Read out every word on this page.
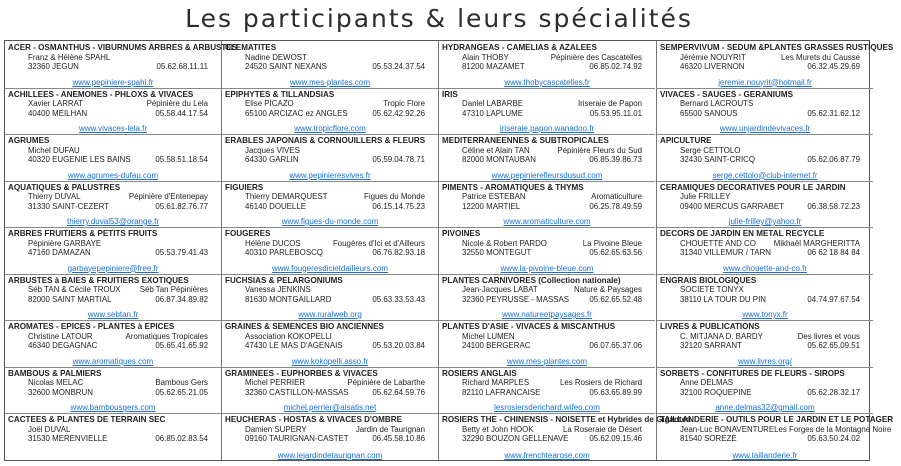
Les participants & leurs spécialités
ACER - OSMANTHUS - VIBURNUMS ARBRES & ARBUSTES
Franz & Hélène SPAHL
32360 JEGUN	05.62.68.11.11
www.pepiniere-spahl.fr
ACHILLEES - ANEMONES - PHLOXS & VIVACES
Xavier LARRAT	Pépinière du Lela
40400 MEILHAN	05.58.44.17.54
www.vivaces-lela.fr
AGRUMES
Michel DUFAU
40320 EUGENIE LES BAINS	05.58.51.18.54
www.agrumes-dufau.com
AQUATIQUES & PALUSTRES
Thierry DUVAL	Pépinière d'Entenepay
31330 SAINT-CEZERT	05.61.82.76.77
thierry.duval53@orange.fr
ARBRES FRUITIERS & PETITS FRUITS
Pépinière GARBAYE
47160 DAMAZAN	05.53.79.41.43
garbayepepiniere@free.fr
ARBUSTES à BAIES & FRUITIERS EXOTIQUES
Séb TAN & Cécile TROUX Séb Tan Pépinières
82000 SAINT MARTIAL	06.87.34.89.82
www.sebtan.fr
AROMATES - EPICES - PLANTES à EPICES
Christine LATOUR	Aromatiques Tropicales
46340 DEGAGNAC	05.65.41.65.92
www.aromatiques.com
BAMBOUS & PALMIERS
Nicolas MELAC	Bambous Gers
32600 MONBRUN	05.62.65.21.05
www.bambousgers.com
CACTEES & PLANTES DE TERRAIN SEC
Joël DUVAL
31530 MERENVIELLE	06.85.02.83.54
CLEMATITES
Nadine DEWOST
24520 SAINT NEXANS	05.53.24.37.54
www.mes-plantes.com
EPIPHYTES & TILLANDSIAS
Elise PICAZO	Tropic Flore
65100 ARCIZAC ez ANGLES	05.62.42.92.26
www.tropicflore.com
ERABLES JAPONAIS & CORNOUILLERS & FLEURS
Jacques VIVES
64330 GARLIN	05.59.04.78.71
www.pepinieresvives.fr
FIGUIERS
Thierry DEMARQUEST	Figues du Monde
46140 DOUELLE	06.15.14.75.23
www.figues-du-monde.com
FOUGERES
Hélène DUCOS	Fougères d'Ici et d'Ailleurs
40310 PARLEBOSCQ	06.76.82.93.18
www.fougeresdicietdailleurs.com
FUCHSIAS & PELARGONIUMS
Vanessa JENKINS
81630 MONTGAILLARD	05.63.33.53.43
www.ruralweb.org
GRAINES & SEMENCES BIO ANCIENNES
Association KOKOPELLI
47430 LE MAS D'AGENAIS	05.53.20.03.84
www.kokopelli.asso.fr
GRAMINEES - EUPHORBES & VIVACES
Michel PERRIER	Pépinière de Labarthe
32360 CASTILLON-MASSAS	05.62.64.59.76
michel.perrier@alsatis.net
HEUCHERAS - HOSTAS & VIVACES D'OMBRE
Damien SUPERY	Jardin de Taurignan
09160 TAURIGNAN-CASTET	06.45.58.10.86
www.lejardindetaurignan.com
HYDRANGEAS - CAMELIAS & AZALEES
Alain THOBY	Pépinière des Cascatelles
81200 MAZAMET	06.85.02.74.92
www.thobycascatelles.fr
IRIS
Daniel LABARBE	Iriseraie de Papon
47310 LAPLUME	05.53.95.11.01
iriseraie.papon.wanadoo.fr
MEDITERRANEENNES & SUBTROPICALES
Céline et Alain TAN	Pépinière Fleurs du Sud
82000 MONTAUBAN	06.85.39.86.73
www.pepinierefleursdusud.com
PIMENTS - AROMATIQUES & THYMS
Patrice ESTEBAN	Aromaticulture
12200 MARTIEL	06.25.78.49.59
www.aromaticulture.com
PIVOINES
Nicole & Robert PARDO	La Pivoine Bleue
32550 MONTEGUT	05.62.65.63.56
www.la-pivoine-bleue.com
PLANTES CARNIVORES (Collection nationale)
Jean-Jacques LABAT	Nature & Paysages
32360 PEYRUSSE - MASSAS	05.62.65.52.48
www.natureetpaysages.fr
PLANTES D'ASIE - VIVACES & MISCANTHUS
Michel LUMEN
24100 BERGERAC	06.07.65.37.06
www.mes-plantes.com
ROSIERS ANGLAIS
Richard MARPLES	Les Rosiers de Richard
82110 LAFRANCAISE	05.63.65.89.99
lesrosiersderichard.wifeo.com
ROSIERS THE - CHINENSIS - NOISETTE et Hybrides de Gigantea
Betty et John HOOK	La Roseraie de Désert
32290 BOUZON GELLENAVE	05.62.09.15.46
www.frenchtearose.com
SEMPERVIVUM - SEDUM &PLANTES GRASSES RUSTIQUES
Jérémie NOUYRIT	Les Murets du Causse
46320 LIVERNON	06.32.45.29.69
jeremie.nouyrit@hotmail.fr
VIVACES - SAUGES - GERANIUMS
Bernard LACROUTS
65500 SANOUS	05.62.31.62.12
www.unjardindevivaces.fr
APICULTURE
Serge CETTOLO
32430 SAINT-CRICQ	05.62.06.87.79
serge.cettolo@club-internet.fr
CERAMIQUES DECORATIVES POUR LE JARDIN
Julie FRILLEY
09400 MERCUS GARRABET	06.38.58.72.23
julie-frilley@yahoo.fr
DECORS DE JARDIN EN METAL RECYCLE
CHOUETTE AND CO Mikhaël MARGHERITTA
31340 VILLEMUR / TARN	06 62 18 84 84
www.chouette-and-co.fr
ENGRAIS BIOLOGIQUES
SOCIETE TONYX
38110 LA TOUR DU PIN	04.74.97.67.54
www.tonyx.fr
LIVRES & PUBLICATIONS
C. MITJANA D. BARDY	Des livres et vous
32120 SARRANT	05.62.65.09.51
www.livres.org/
SORBETS - CONFITURES DE FLEURS - SIROPS
Anne DELMAS
32100 ROQUEPINE	05.62.28.32.17
anne.delmas32@gmail.com
TAILLANDERIE - OUTILS POUR LE JARDIN ET LE POTAGER
Jean-Luc BONAVENTURE Les Forges de la Montagne Noire
81540 SOREZE	05.63.50.24.02
www.taillanderie.fr
